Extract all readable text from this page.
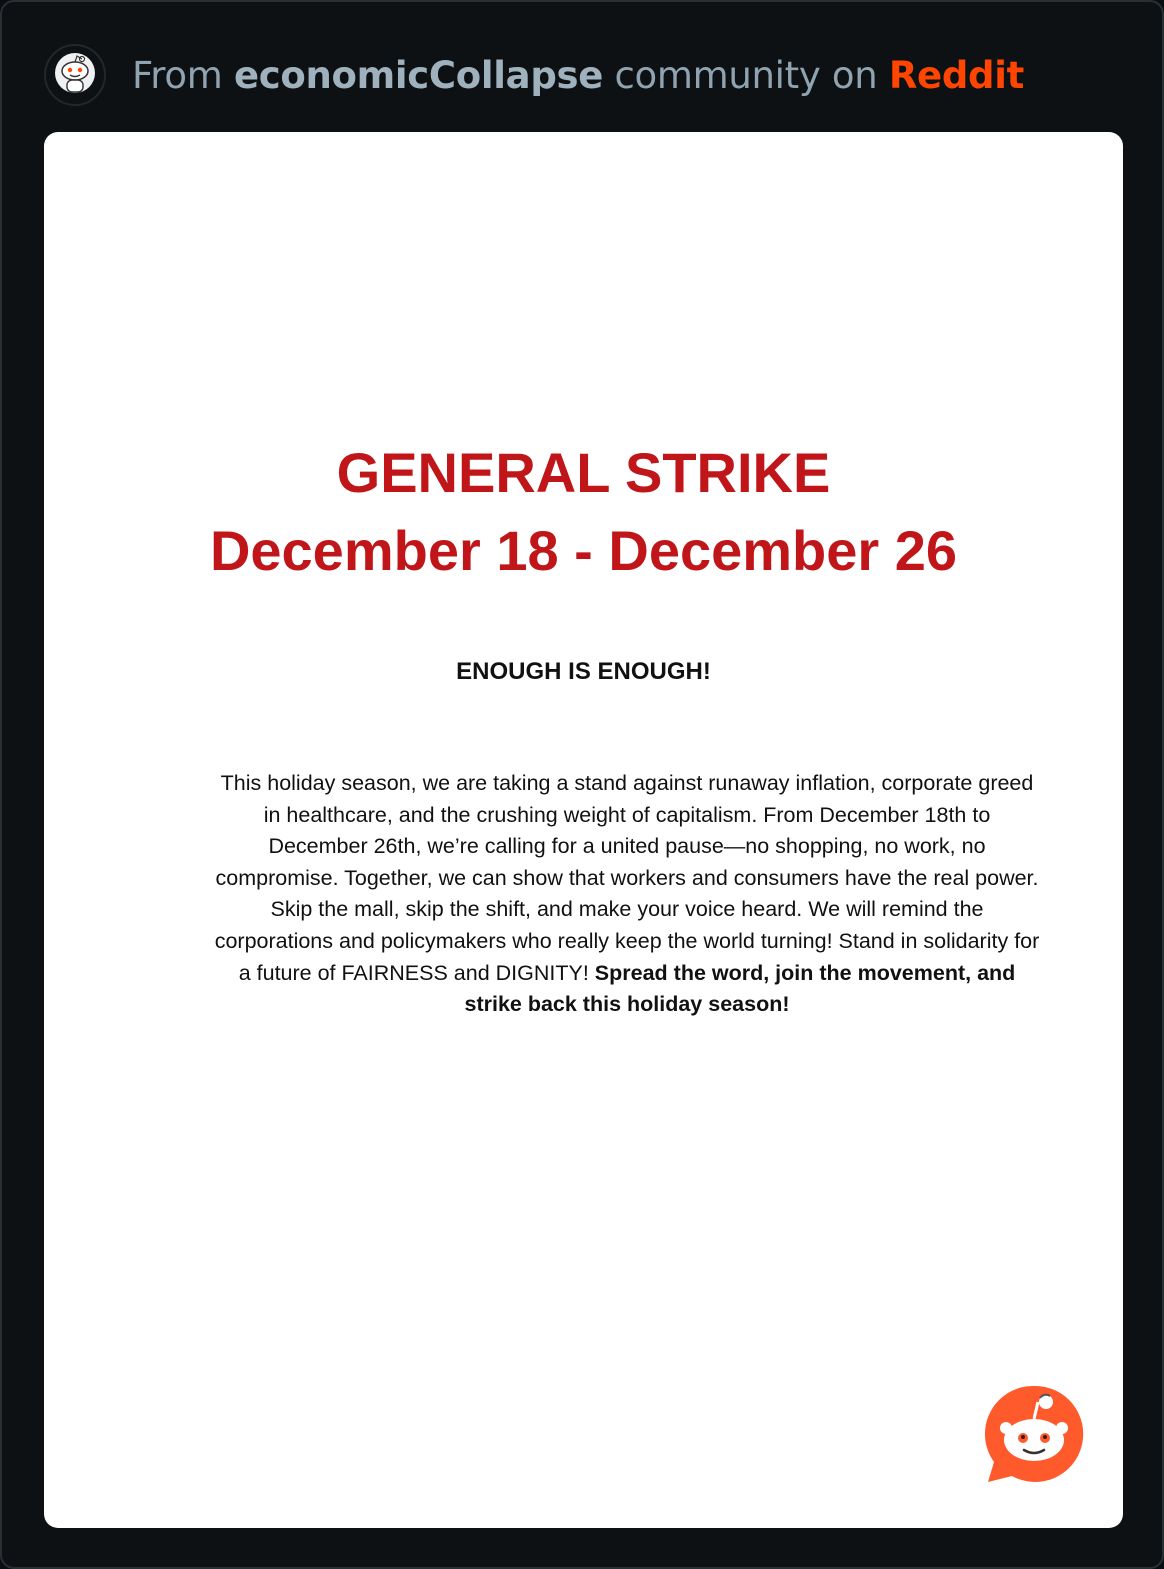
From economicCollapse community on Reddit
GENERAL STRIKE
December 18 - December 26
ENOUGH IS ENOUGH!
This holiday season, we are taking a stand against runaway inflation, corporate greed in healthcare, and the crushing weight of capitalism. From December 18th to December 26th, we’re calling for a united pause—no shopping, no work, no compromise. Together, we can show that workers and consumers have the real power. Skip the mall, skip the shift, and make your voice heard. We will remind the corporations and policymakers who really keep the world turning! Stand in solidarity for a future of FAIRNESS and DIGNITY! Spread the word, join the movement, and strike back this holiday season!
